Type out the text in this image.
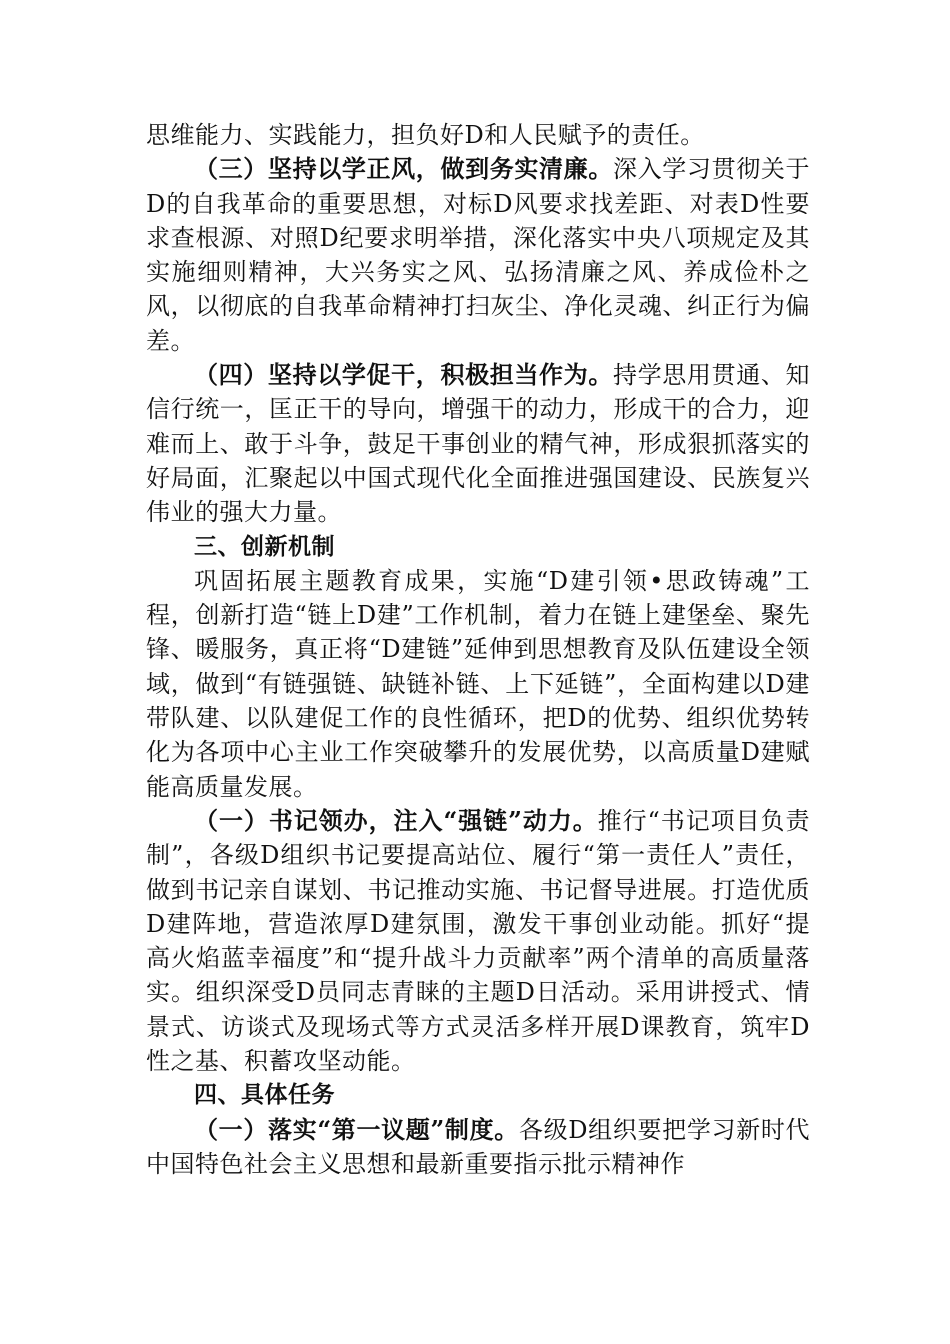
思维能力、实践能力，担负好D和人民赋予的责任。

（三）坚持以学正风，做到务实清廉。深入学习贯彻关于D的自我革命的重要思想，对标D风要求找差距、对表D性要求查根源、对照D纪要求明举措，深化落实中央八项规定及其实施细则精神，大兴务实之风、弘扬清廉之风、养成俭朴之风，以彻底的自我革命精神打扫灰尘、净化灵魂、纠正行为偏差。

（四）坚持以学促干，积极担当作为。持学思用贯通、知信行统一，匡正干的导向，增强干的动力，形成干的合力，迎难而上、敢于斗争，鼓足干事创业的精气神，形成狠抓落实的好局面，汇聚起以中国式现代化全面推进强国建设、民族复兴伟业的强大力量。

三、创新机制

巩固拓展主题教育成果，实施“D建引领•思政铸魂”工程，创新打造“链上D建”工作机制，着力在链上建堡垒、聚先锋、暖服务，真正将“D建链”延伸到思想教育及队伍建设全领域，做到“有链强链、缺链补链、上下延链”，全面构建以D建带队建、以队建促工作的良性循环，把D的优势、组织优势转化为各项中心主业工作突破攀升的发展优势，以高质量D建赋能高质量发展。

（一）书记领办，注入“强链”动力。推行“书记项目负责制”，各级D组织书记要提高站位、履行“第一责任人”责任，做到书记亲自谋划、书记推动实施、书记督导进展。打造优质D建阵地，营造浓厚D建氛围，激发干事创业动能。抓好“提高火焰蓝幸福度”和“提升战斗力贡献率”两个清单的高质量落实。组织深受D员同志青睐的主题D日活动。采用讲授式、情景式、访谈式及现场式等方式灵活多样开展D课教育，筑牢D性之基、积蓄攻坚动能。

四、具体任务

（一）落实“第一议题”制度。各级D组织要把学习新时代中国特色社会主义思想和最新重要指示批示精神作
